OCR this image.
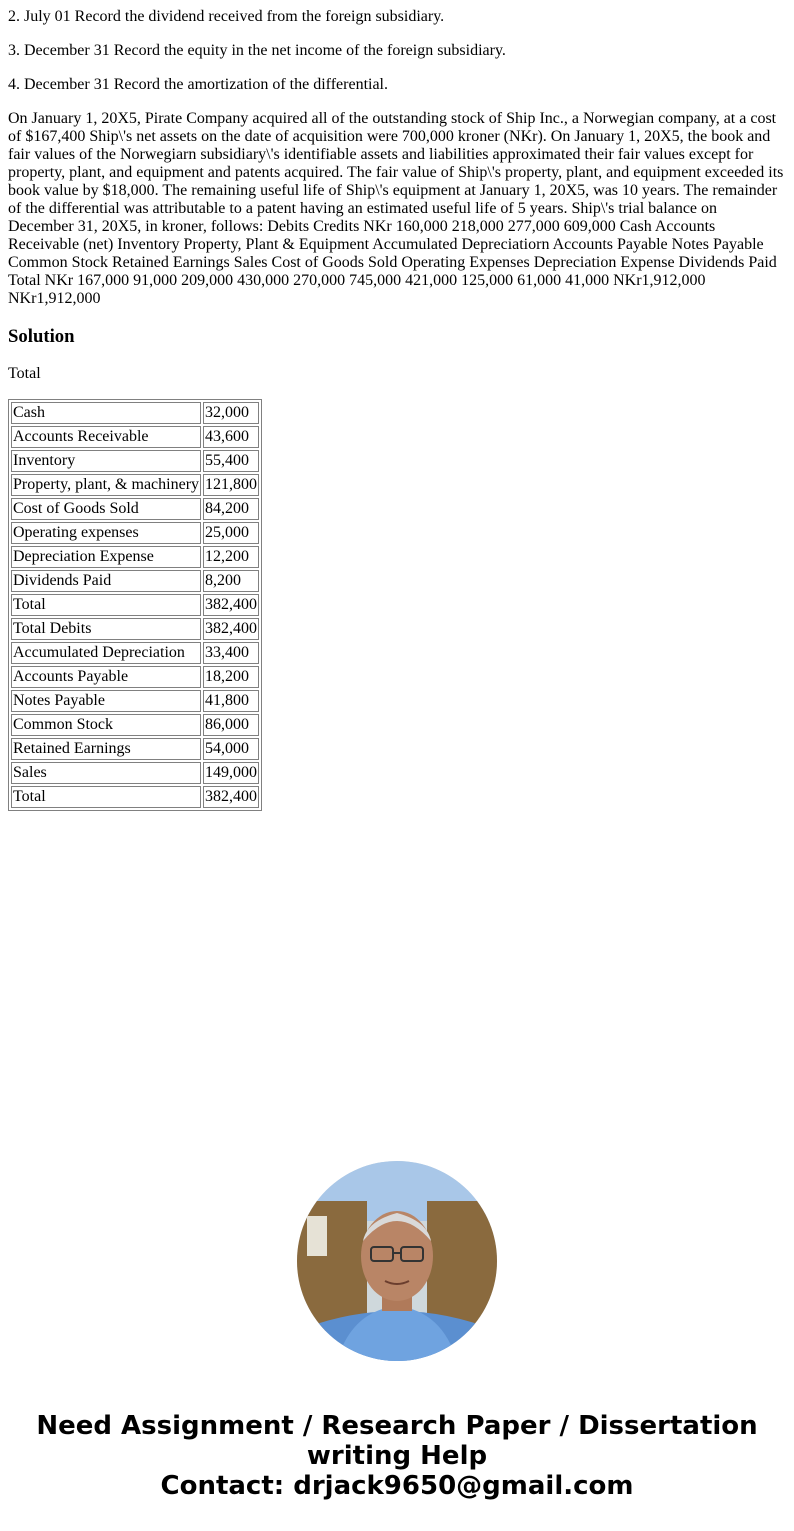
2. July 01 Record the dividend received from the foreign subsidiary.

3. December 31 Record the equity in the net income of the foreign subsidiary.

4. December 31 Record the amortization of the differential.

On January 1, 20X5, Pirate Company acquired all of the outstanding stock of Ship Inc., a Norwegian company, at a cost of $167,400 Ship\'s net assets on the date of acquisition were 700,000 kroner (NKr). On January 1, 20X5, the book and fair values of the Norwegiarn subsidiary\'s identifiable assets and liabilities approximated their fair values except for property, plant, and equipment and patents acquired. The fair value of Ship\'s property, plant, and equipment exceeded its book value by $18,000. The remaining useful life of Ship\'s equipment at January 1, 20X5, was 10 years. The remainder of the differential was attributable to a patent having an estimated useful life of 5 years. Ship\'s trial balance on December 31, 20X5, in kroner, follows: Debits Credits NKr 160,000 218,000 277,000 609,000 Cash Accounts Receivable (net) Inventory Property, Plant & Equipment Accumulated Depreciatiorn Accounts Payable Notes Payable Common Stock Retained Earnings Sales Cost of Goods Sold Operating Expenses Depreciation Expense Dividends Paid Total NKr 167,000 91,000 209,000 430,000 270,000 745,000 421,000 125,000 61,000 41,000 NKr1,912,000 NKr1,912,000

Solution

Total

Cash	32,000
Accounts Receivable	43,600
Inventory	55,400
Property, plant, & machinery	121,800
Cost of Goods Sold	84,200
Operating expenses	25,000
Depreciation Expense	12,200
Dividends Paid	8,200
Total	382,400
Total Debits	382,400
Accumulated Depreciation	33,400
Accounts Payable	18,200
Notes Payable	41,800
Common Stock	86,000
Retained Earnings	54,000
Sales	149,000
Total	382,400
Need Assignment / Research Paper / Dissertation
writing Help
Contact: drjack9650@gmail.com
